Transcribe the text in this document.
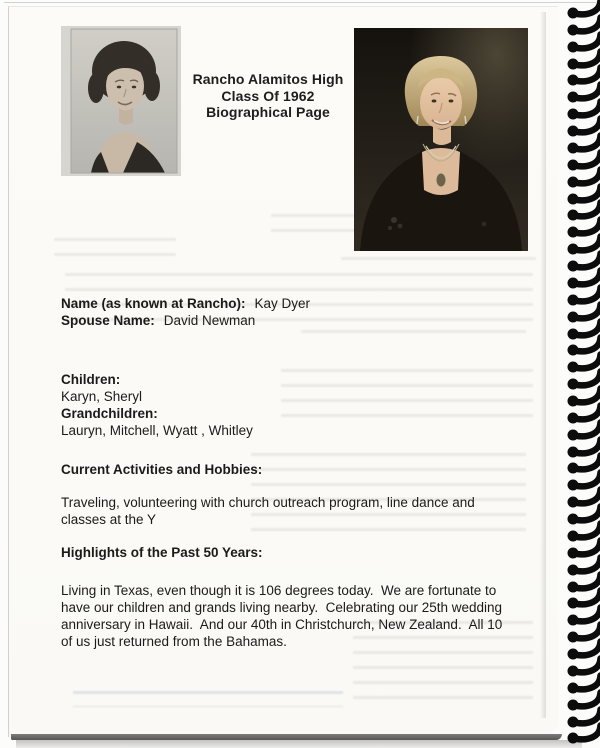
Rancho Alamitos High
Class Of 1962
Biographical Page
Name (as known at Rancho): Kay Dyer
Spouse Name: David Newman
Children:
Karyn, Sheryl
Grandchildren:
Lauryn, Mitchell, Wyatt , Whitley
Current Activities and Hobbies:
Traveling, volunteering with church outreach program, line dance and
classes at the Y
Highlights of the Past 50 Years:
Living in Texas, even though it is 106 degrees today.  We are fortunate to
have our children and grands living nearby.  Celebrating our 25th wedding
anniversary in Hawaii.  And our 40th in Christchurch, New Zealand.  All 10
of us just returned from the Bahamas.
